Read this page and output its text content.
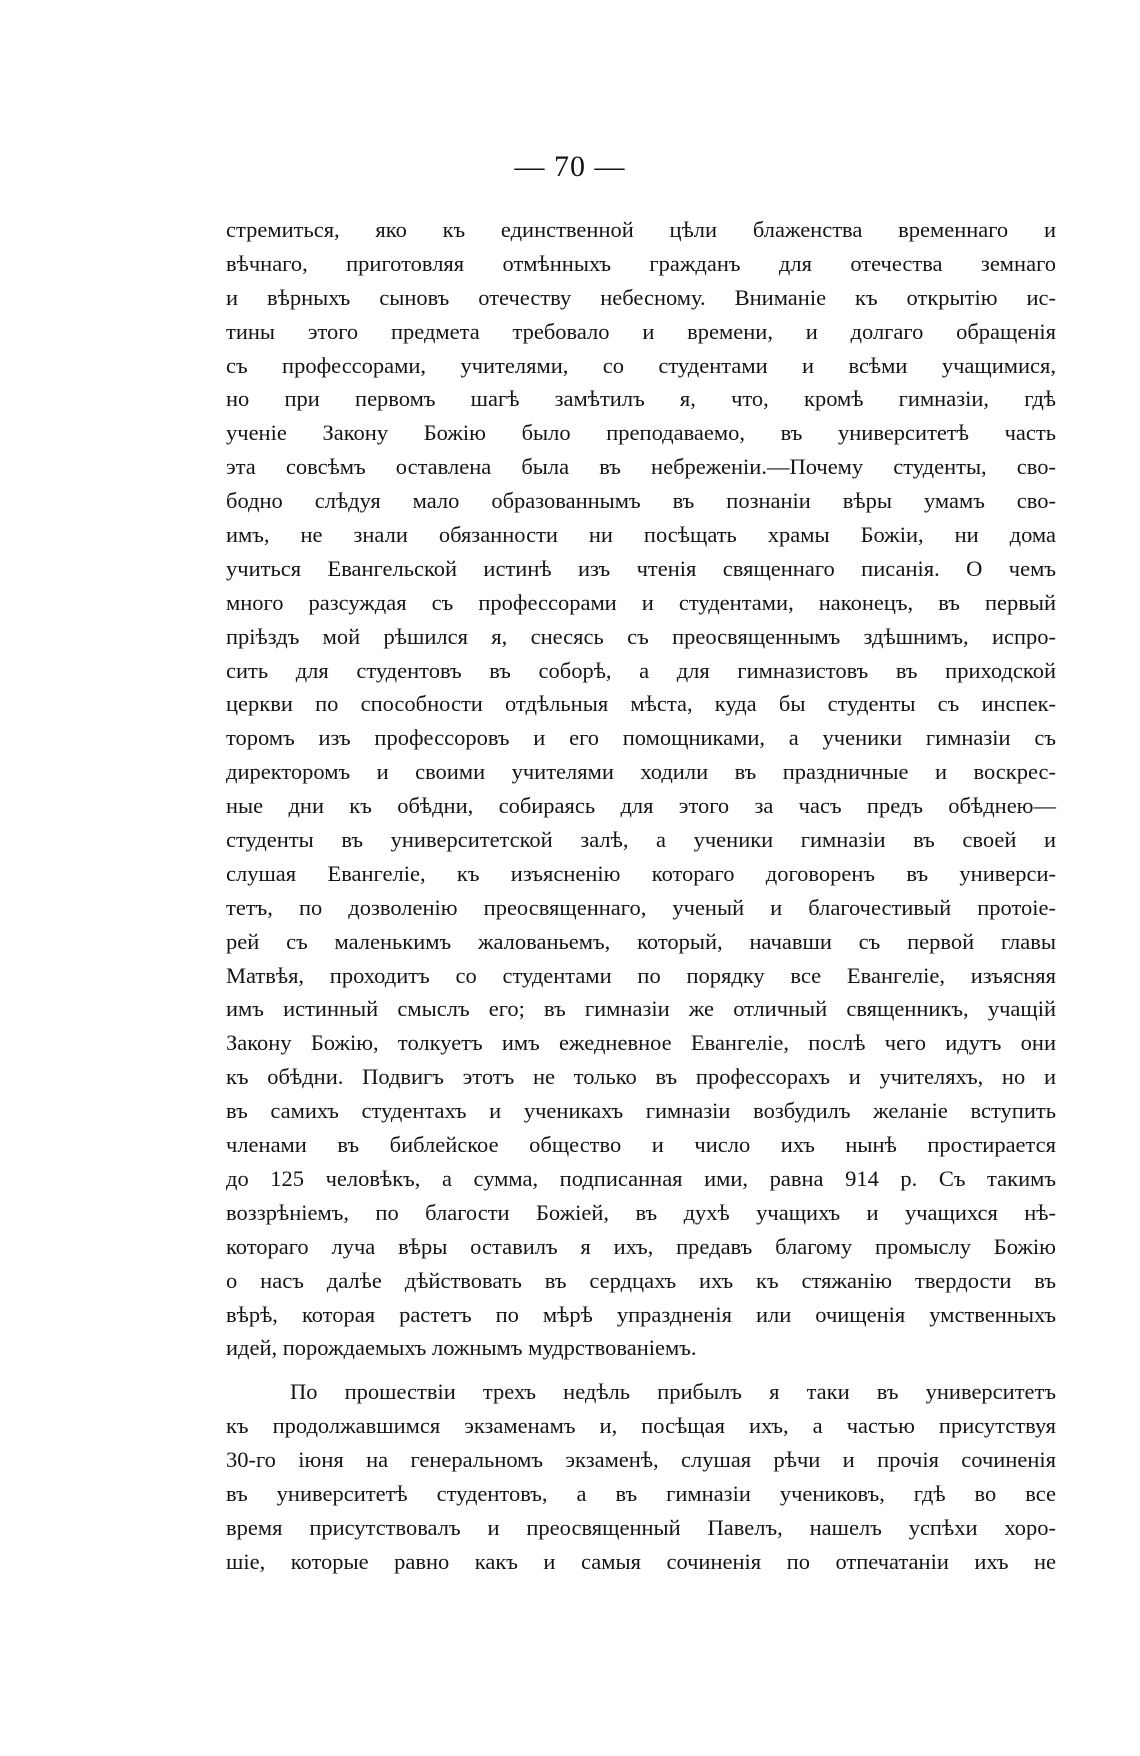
— 70 —
стремиться, яко къ единственной цѣли блаженства временнаго и
вѣчнаго, приготовляя отмѣнныхъ гражданъ для отечества земнаго
и вѣрныхъ сыновъ отечеству небесному. Вниманіе къ открытію ис-
тины этого предмета требовало и времени, и долгаго обращенія
съ профессорами, учителями, со студентами и всѣми учащимися,
но при первомъ шагѣ замѣтилъ я, что, кромѣ гимназіи, гдѣ
ученіе Закону Божію было преподаваемо, въ университетѣ часть
эта совсѣмъ оставлена была въ небреженіи.—Почему студенты, сво-
бодно слѣдуя мало образованнымъ въ познаніи вѣры умамъ сво-
имъ, не знали обязанности ни посѣщать храмы Божіи, ни дома
учиться Евангельской истинѣ изъ чтенія священнаго писанія. О чемъ
много разсуждая съ профессорами и студентами, наконецъ, въ первый
пріѣздъ мой рѣшился я, снесясь съ преосвященнымъ здѣшнимъ, испро-
сить для студентовъ въ соборѣ, а для гимназистовъ въ приходской
церкви по способности отдѣльныя мѣста, куда бы студенты съ инспек-
торомъ изъ профессоровъ и его помощниками, а ученики гимназіи съ
директоромъ и своими учителями ходили въ праздничные и воскрес-
ные дни къ обѣдни, собираясь для этого за часъ предъ обѣднею—
студенты въ университетской залѣ, а ученики гимназіи въ своей и
слушая Евангеліе, къ изъясненію котораго договоренъ въ универси-
тетъ, по дозволенію преосвященнаго, ученый и благочестивый протоіе-
рей съ маленькимъ жалованьемъ, который, начавши съ первой главы
Матвѣя, проходитъ со студентами по порядку все Евангеліе, изъясняя
имъ истинный смыслъ его; въ гимназіи же отличный священникъ, учащій
Закону Божію, толкуетъ имъ ежедневное Евангеліе, послѣ чего идутъ они
къ обѣдни. Подвигъ этотъ не только въ профессорахъ и учителяхъ, но и
въ самихъ студентахъ и ученикахъ гимназіи возбудилъ желаніе вступить
членами въ библейское общество и число ихъ нынѣ простирается
до 125 человѣкъ, а сумма, подписанная ими, равна 914 р. Съ такимъ
воззрѣніемъ, по благости Божіей, въ духѣ учащихъ и учащихся нѣ-
котораго луча вѣры оставилъ я ихъ, предавъ благому промыслу Божію
о насъ далѣе дѣйствовать въ сердцахъ ихъ къ стяжанію твердости въ
вѣрѣ, которая растетъ по мѣрѣ упраздненія или очищенія умственныхъ
идей, порождаемыхъ ложнымъ мудрствованіемъ.
По прошествіи трехъ недѣль прибылъ я таки въ университетъ
къ продолжавшимся экзаменамъ и, посѣщая ихъ, а частью присутствуя
30-го іюня на генеральномъ экзаменѣ, слушая рѣчи и прочія сочиненія
въ университетѣ студентовъ, а въ гимназіи учениковъ, гдѣ во все
время присутствовалъ и преосвященный Павелъ, нашелъ успѣхи хоро-
шіе, которые равно какъ и самыя сочиненія по отпечатаніи ихъ не
